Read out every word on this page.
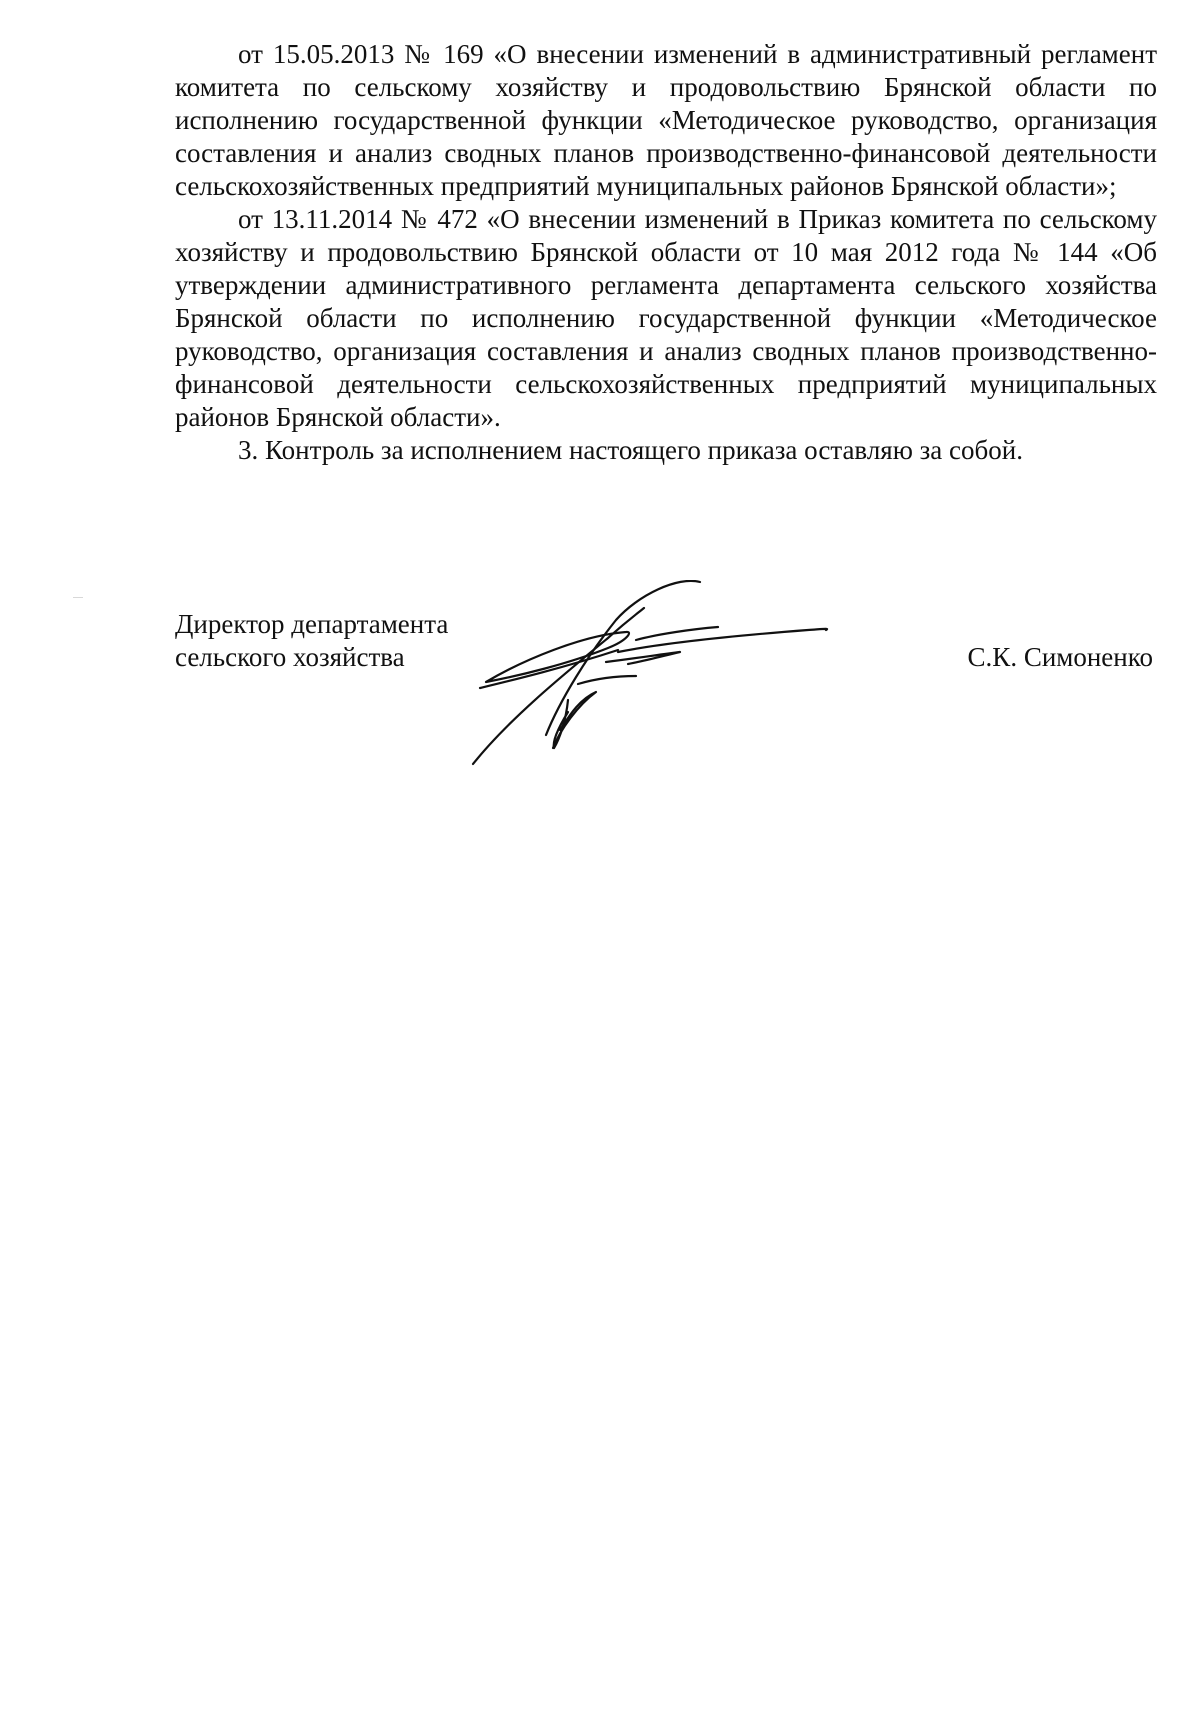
от 15.05.2013 № 169 «О внесении изменений в административный регламент комитета по сельскому хозяйству и продовольствию Брянской области по исполнению государственной функции «Методическое руководство, организация составления и анализ сводных планов производственно-финансовой деятельности сельскохозяйственных предприятий муниципальных районов Брянской области»;

от 13.11.2014 № 472 «О внесении изменений в Приказ комитета по сельскому хозяйству и продовольствию Брянской области от 10 мая 2012 года № 144 «Об утверждении административного регламента департамента сельского хозяйства Брянской области по исполнению государственной функции «Методическое руководство, организация составления и анализ сводных планов производственно-финансовой деятельности сельскохозяйственных предприятий муниципальных районов Брянской области».

3. Контроль за исполнением настоящего приказа оставляю за собой.

Директор департамента
сельского хозяйства	С.К. Симоненко
